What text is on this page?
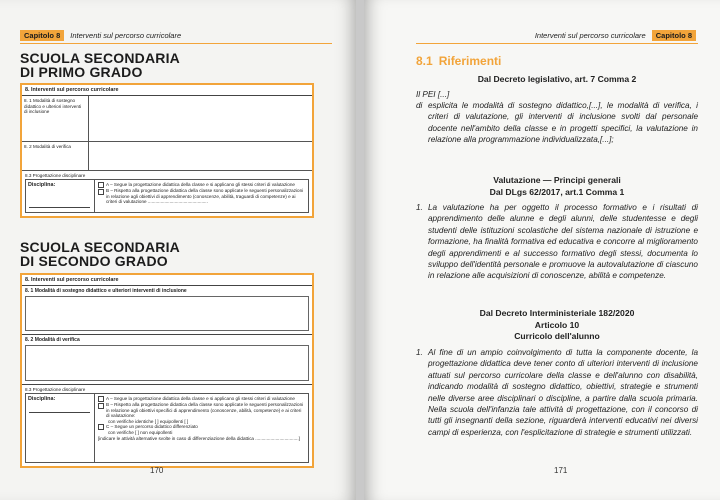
Capitolo 8	Interventi sul percorso curricolare
SCUOLA SECONDARIA
DI PRIMO GRADO
8. Interventi sul percorso curricolare
8. 1 Modalità di sostegno didattico e ulteriori interventi di inclusione
8. 2 Modalità di verifica
8.3 Progettazione disciplinare
Disciplina:	A – Segue la progettazione didattica della classe e si applicano gli stessi criteri di valutazione
B – Rispetto alla progettazione didattica della classe sono applicate le seguenti personalizzazioni in relazione agli obiettivi di apprendimento (conoscenze, abilità, traguardi di competenze) e ai criteri di valutazione ...............................................
SCUOLA SECONDARIA
DI SECONDO GRADO
8. Interventi sul percorso curricolare
8. 1 Modalità di sostegno didattico e ulteriori interventi di inclusione
8. 2 Modalità di verifica
8.3 Progettazione disciplinare
Disciplina:	A – Segue la progettazione didattica della classe e si applicano gli stessi criteri di valutazione
B – Rispetto alla progettazione didattica della classe sono applicate le seguenti personalizzazioni in relazione agli obiettivi specifici di apprendimento (conoscenze, abilità, competenze) e ai criteri di valutazione:
con verifiche identiche [ ] equipollenti [ ]
C – Segue un percorso didattico differenziato
con verifiche [ ] non equipollenti
[indicare le attività alternative svolte in caso di differenziazione della didattica ..................................]
170
Interventi sul percorso curricolare	Capitolo 8
8.1 Riferimenti
Dal Decreto legislativo, art. 7 Comma 2
Il PEI [...]
di esplicita le modalità di sostegno didattico,[...], le modalità di verifica, i criteri di valutazione, gli interventi di inclusione svolti dal personale docente nell'ambito della classe e in progetti specifici, la valutazione in relazione alla programmazione individualizzata,[...];
Valutazione — Principi generali
Dal DLgs 62/2017, art.1 Comma 1
1. La valutazione ha per oggetto il processo formativo e i risultati di apprendimento delle alunne e degli alunni, delle studentesse e degli studenti delle istituzioni scolastiche del sistema nazionale di istruzione e formazione, ha finalità formativa ed educativa e concorre al miglioramento degli apprendimenti e al successo formativo degli stessi, documenta lo sviluppo dell'identità personale e promuove la autovalutazione di ciascuno in relazione alle acquisizioni di conoscenze, abilità e competenze.
Dal Decreto Interministeriale 182/2020
Articolo 10
Curricolo dell'alunno
1. Al fine di un ampio coinvolgimento di tutta la componente docente, la progettazione didattica deve tener conto di ulteriori interventi di inclusione attuati sul percorso curricolare della classe e dell'alunno con disabilità, indicando modalità di sostegno didattico, obiettivi, strategie e strumenti nelle diverse aree disciplinari o discipline, a partire dalla scuola primaria. Nella scuola dell'infanzia tale attività di progettazione, con il concorso di tutti gli insegnanti della sezione, riguarderà interventi educativi nei diversi campi di esperienza, con l'esplicitazione di strategie e strumenti utilizzati.
171
